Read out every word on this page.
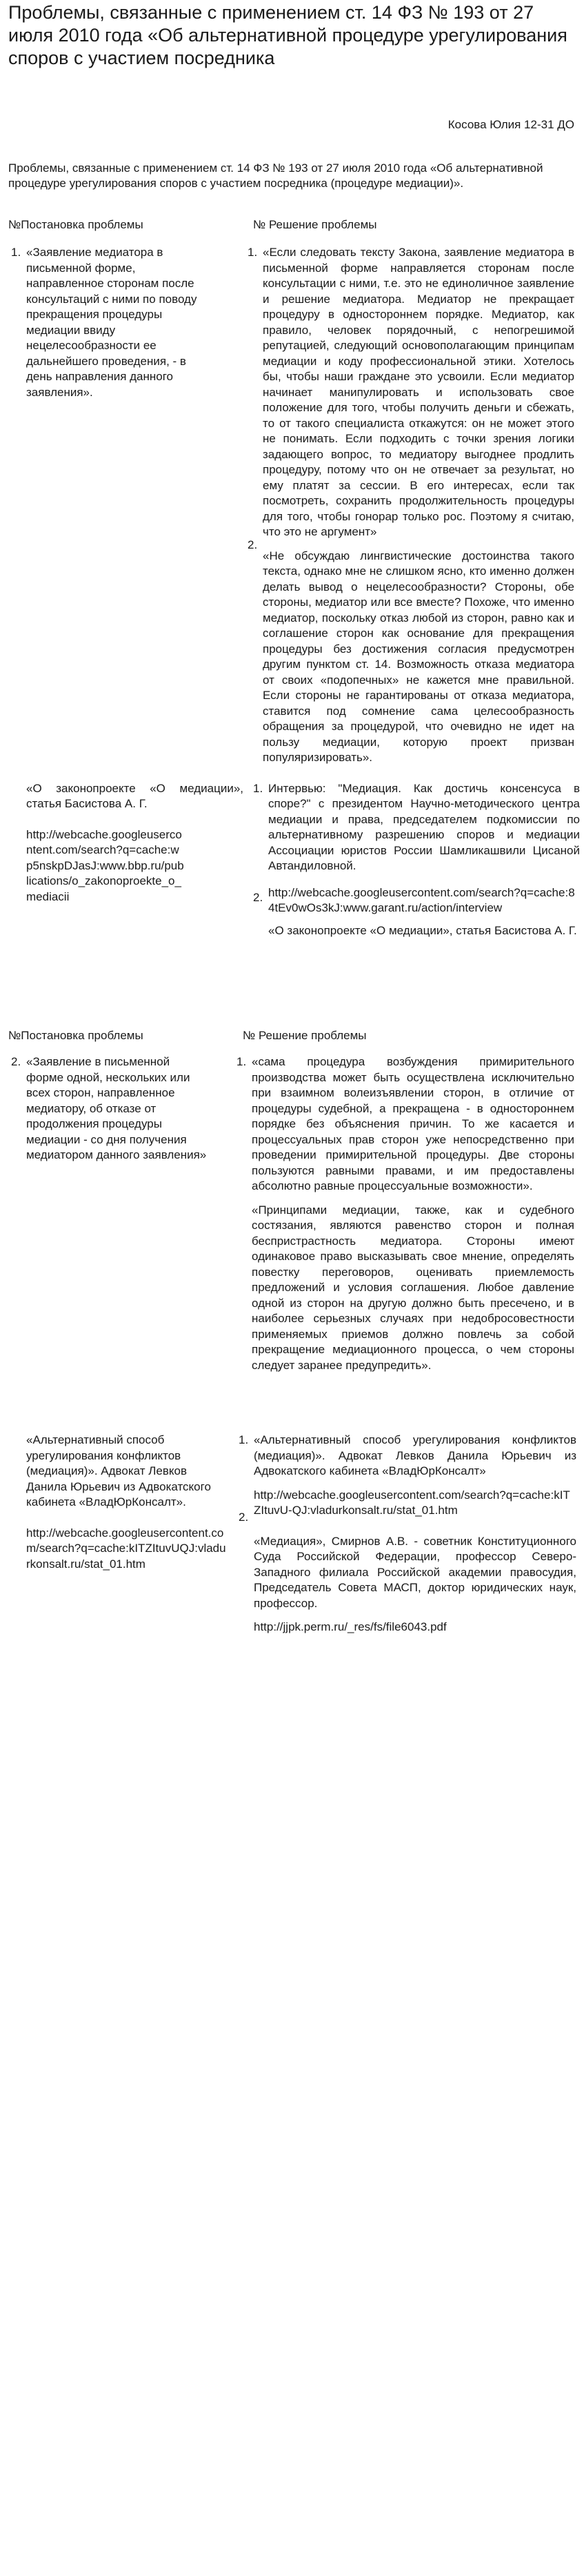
Проблемы, связанные с применением ст. 14 ФЗ № 193 от 27 июля 2010 года «Об альтернативной процедуре урегулирования споров с участием посредника
Косова Юлия 12-31 ДО
Проблемы, связанные с применением ст. 14 ФЗ № 193 от 27 июля 2010 года «Об альтернативной процедуре урегулирования споров с участием посредника (процедуре медиации)».
№Постановка проблемы	№ Решение проблемы
1. «Заявление медиатора в письменной форме, направленное сторонам после консультаций с ними по поводу прекращения процедуры медиации ввиду нецелесообразности ее дальнейшего проведения, - в день направления данного заявления».
1.
2.

«Если следовать тексту Закона, заявление медиатора в письменной форме направляется сторонам после консультации с ними, т.е. это не единоличное заявление и решение медиатора. Медиатор не прекращает процедуру в одностороннем порядке. Медиатор, как правило, человек порядочный, с непогрешимой репутацией, следующий основополагающим принципам медиации и коду профессиональной этики. Хотелось бы, чтобы наши граждане это усвоили. Если медиатор начинает манипулировать и использовать свое положение для того, чтобы получить деньги и сбежать, то от такого специалиста откажутся: он не может этого не понимать. Если подходить с точки зрения логики задающего вопрос, то медиатору выгоднее продлить процедуру, потому что он не отвечает за результат, но ему платят за сессии. В его интересах, если так посмотреть, сохранить продолжительность процедуры для того, чтобы гонорар только рос. Поэтому я считаю, что это не аргумент»

«Не обсуждаю лингвистические достоинства такого текста, однако мне не слишком ясно, кто именно должен делать вывод о нецелесообразности? Стороны, обе стороны, медиатор или все вместе? Похоже, что именно медиатор, поскольку отказ любой из сторон, равно как и соглашение сторон как основание для прекращения процедуры без достижения согласия предусмотрен другим пунктом ст. 14. Возможность отказа медиатора от своих «подопечных» не кажется мне правильной. Если стороны не гарантированы от отказа медиатора, ставится под сомнение сама целесообразность обращения за процедурой, что очевидно не идет на пользу медиации, которую проект призван популяризировать».

«О законопроекте «О медиации», статья Басистова А. Г.

http://webcache.googleusercontent.com/search?q=cache:wp5nskpDJasJ:www.bbp.ru/publications/o_zakonoproekte_o_mediacii

1.
2.

Интервью: "Медиация. Как достичь консенсуса в споре?" с президентом Научно-методического центра медиации и права, председателем подкомиссии по альтернативному разрешению споров и медиации Ассоциации юристов России Шамликашвили Цисаной Автандиловной.

http://webcache.googleusercontent.com/search?q=cache:84tEv0wOs3kJ:www.garant.ru/action/interview

«О законопроекте «О медиации», статья Басистова А. Г.

№Постановка проблемы	№ Решение проблемы
2. «Заявление в письменной форме одной, нескольких или всех сторон, направленное медиатору, об отказе от продолжения процедуры медиации - со дня получения медиатором данного заявления»
1. «сама процедура возбуждения примирительного производства может быть осуществлена исключительно при взаимном волеизъявлении сторон, в отличие от процедуры судебной, а прекращена - в одностороннем порядке без объяснения причин. То же касается и процессуальных прав сторон уже непосредственно при проведении примирительной процедуры. Две стороны пользуются равными правами, и им предоставлены абсолютно равные процессуальные возможности».

«Принципами медиации, также, как и судебного состязания, являются равенство сторон и полная беспристрастность медиатора. Стороны имеют одинаковое право высказывать свое мнение, определять повестку переговоров, оценивать приемлемость предложений и условия соглашения. Любое давление одной из сторон на другую должно быть пресечено, и в наиболее серьезных случаях при недобросовестности применяемых приемов должно повлечь за собой прекращение медиационного процесса, о чем стороны следует заранее предупредить».

«Альтернативный способ урегулирования конфликтов (медиация)». Адвокат Левков Данила Юрьевич из Адвокатского кабинета «ВладЮрКонсалт».

http://webcache.googleusercontent.com/search?q=cache:kITZItuvUQJ:vladurkonsalt.ru/stat_01.htm

1.
2.

«Альтернативный способ урегулирования конфликтов (медиация)». Адвокат Левков Данила Юрьевич из Адвокатского кабинета «ВладЮрКонсалт»

http://webcache.googleusercontent.com/search?q=cache:kITZItuvU-QJ:vladurkonsalt.ru/stat_01.htm

«Медиация», Смирнов А.В. - советник Конституционного Суда Российской Федерации, профессор Северо-Западного филиала Российской академии правосудия, Председатель Совета МАСП, доктор юридических наук, профессор.

http://jjpk.perm.ru/_res/fs/file6043.pdf
